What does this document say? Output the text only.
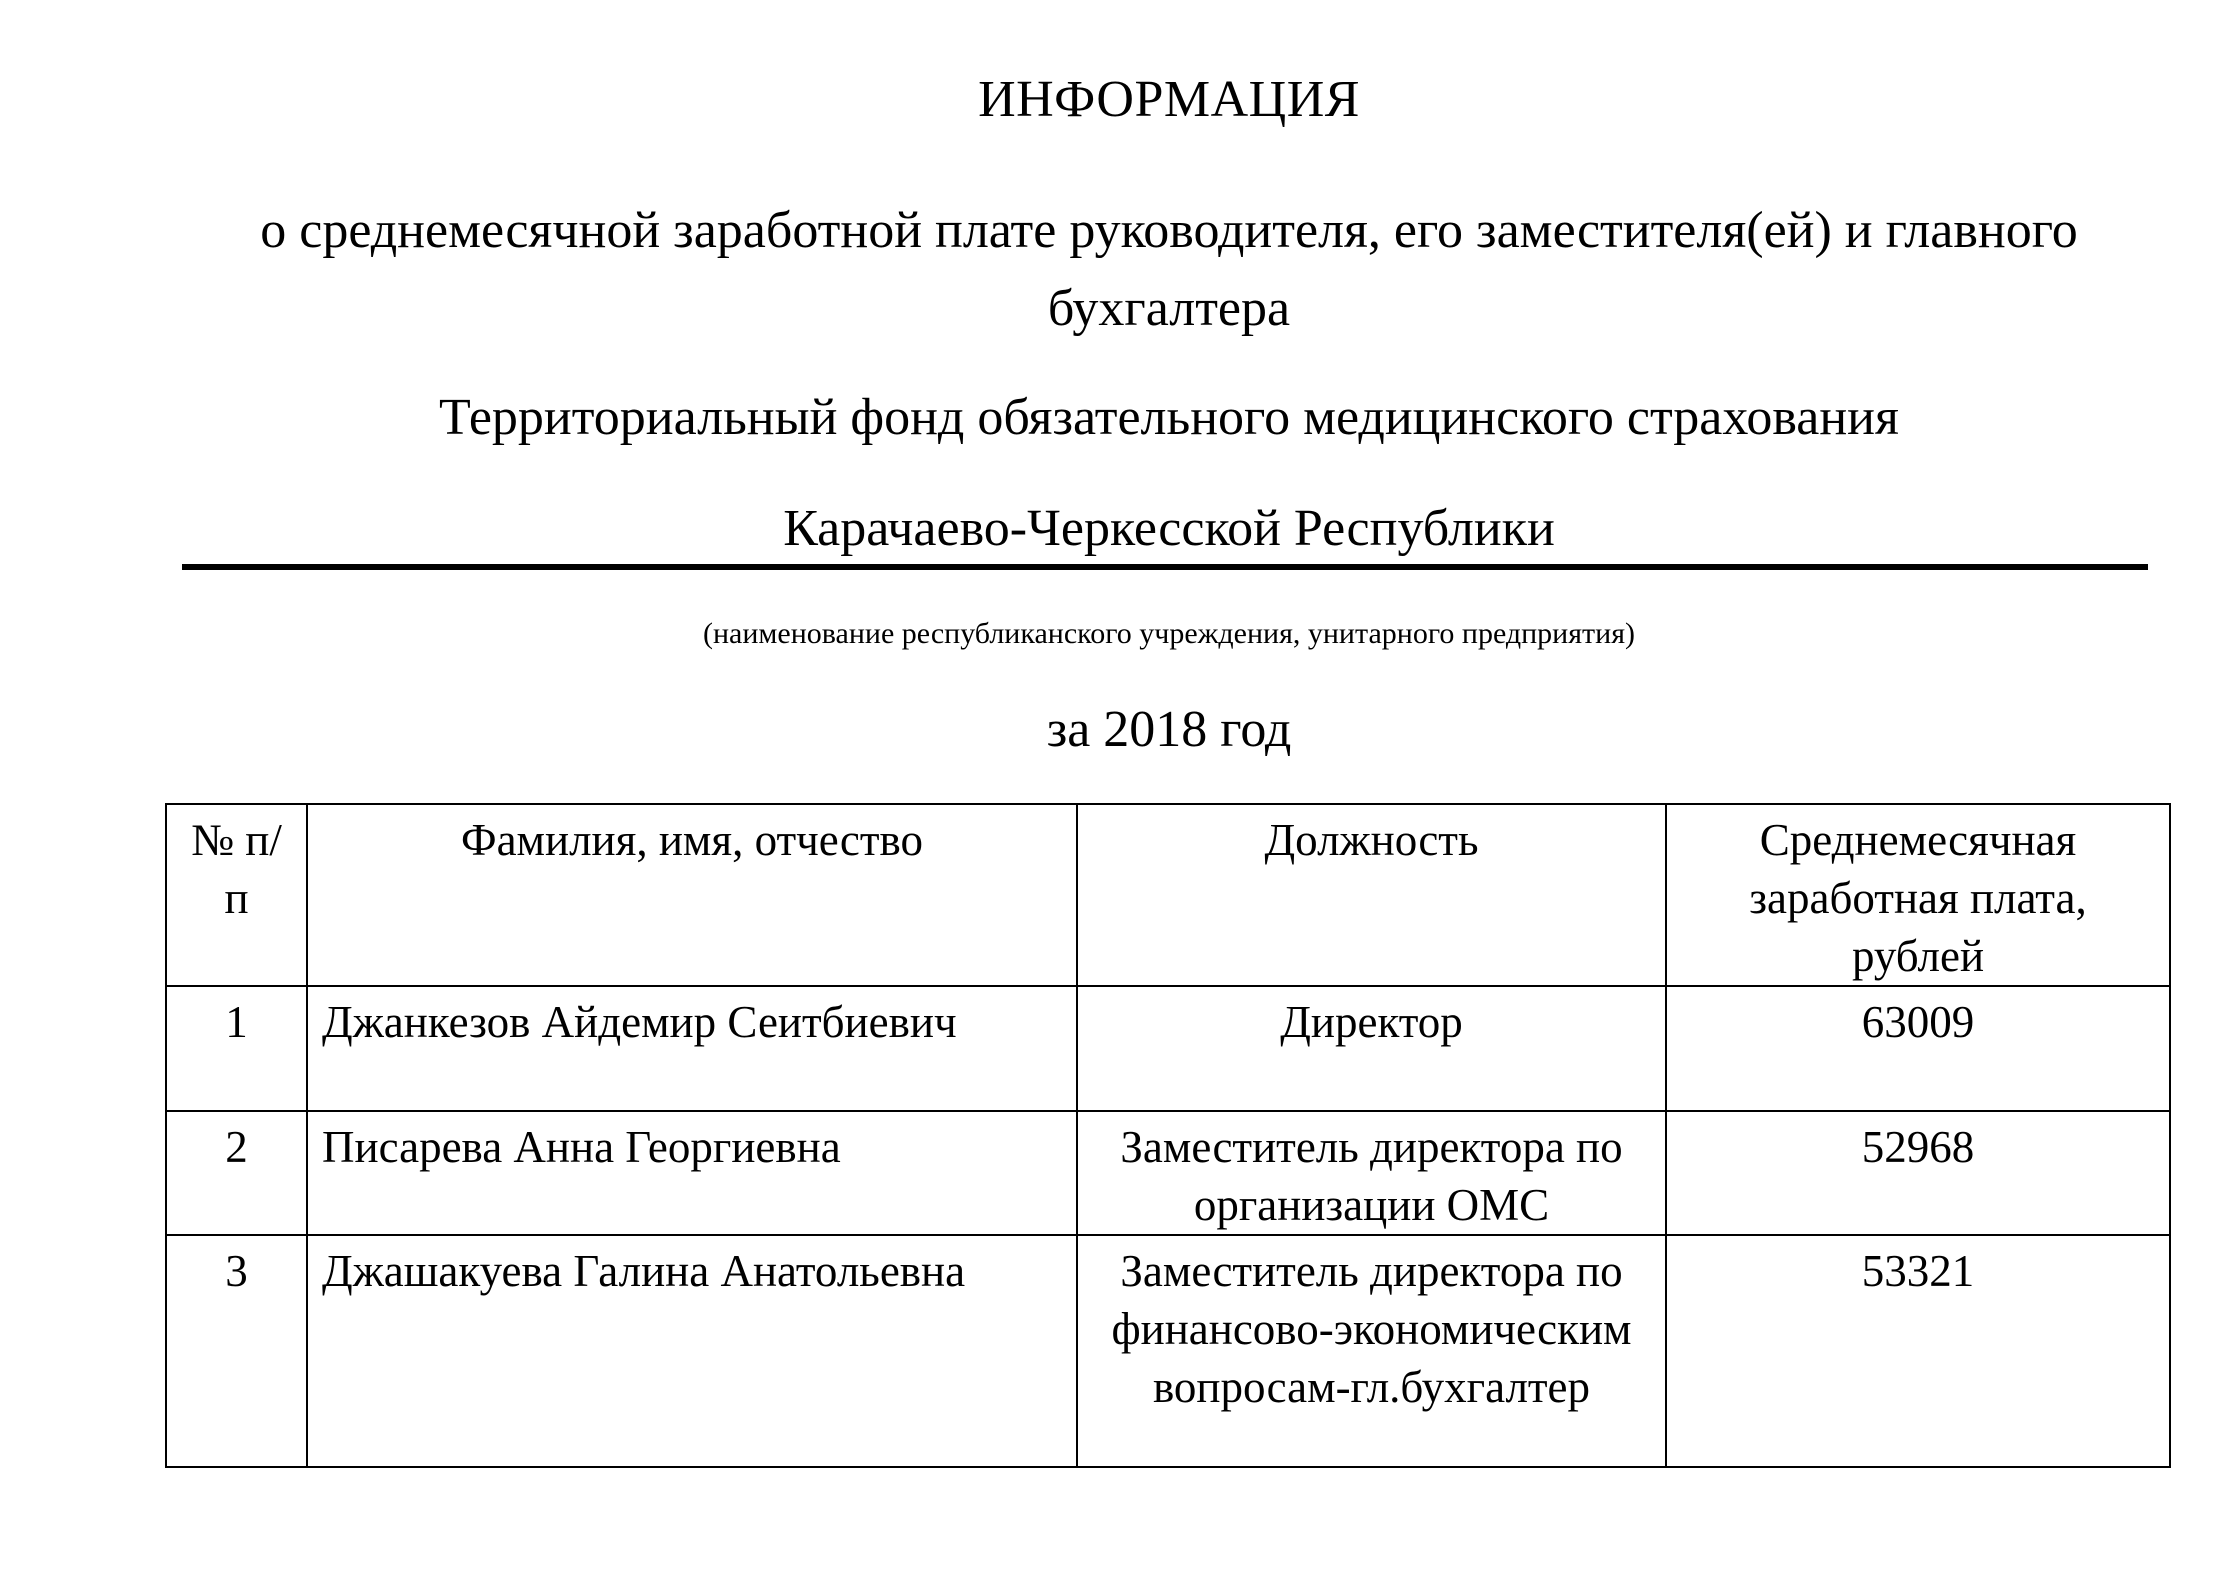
ИНФОРМАЦИЯ
о среднемесячной заработной плате руководителя, его заместителя(ей) и главного бухгалтера
Территориальный фонд обязательного медицинского страхования
Карачаево-Черкесской Республики
(наименование республиканского учреждения, унитарного предприятия)
за 2018 год
№ п/п	Фамилия, имя, отчество	Должность	Среднемесячная заработная плата, рублей
1	Джанкезов Айдемир Сеитбиевич	Директор	63009
2	Писарева Анна Георгиевна	Заместитель директора по организации ОМС	52968
3	Джашакуева Галина Анатольевна	Заместитель директора по финансово-экономическим вопросам-гл.бухгалтер	53321
